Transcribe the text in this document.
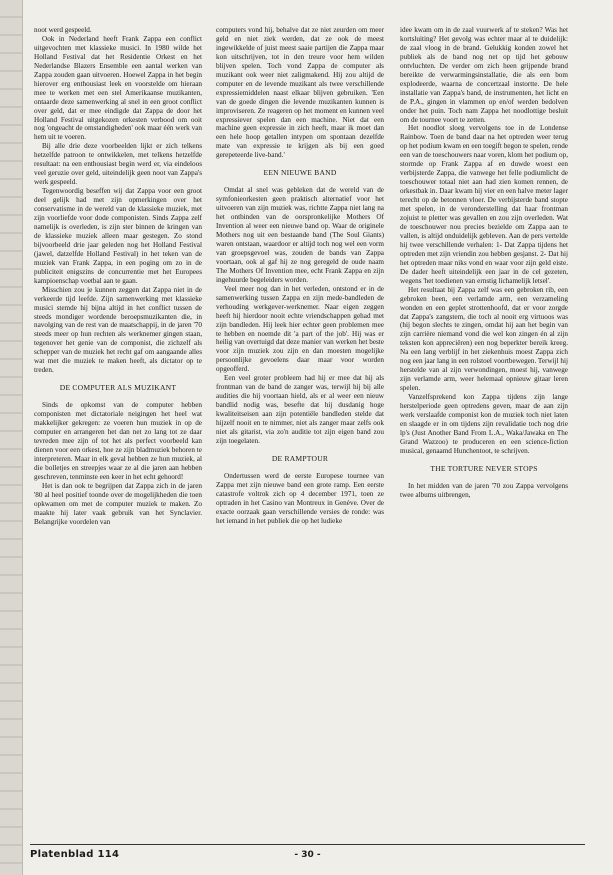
noot werd gespeeld.

Ook in Nederland heeft Frank Zappa een conflict uitgevochten met klassieke musici. In 1980 wilde het Holland Festival dat het Residentie Orkest en het Nederlandse Blazers Ensemble een aantal werken van Zappa zouden gaan uitvoeren. Hoewel Zappa in het begin hierover erg enthousiast leek en voorstelde om hieraan mee te werken met een stel Amerikaanse muzikanten, ontaarde deze samenwerking al snel in een groot conflict over geld, dat er mee eindigde dat Zappa de door het Holland Festival uitgekozen orkesten verbood om ooit nog 'ongeacht de omstandigheden' ook maar één werk van hem uit te voeren.

Bij alle drie deze voorbeelden lijkt er zich telkens hetzelfde patroon te ontwikkelen, met telkens hetzelfde resultaat: na een enthousiast begin werd er, via eindeloos veel geruzie over geld, uiteindelijk geen noot van Zappa's werk gespeeld.

Tegenwoordig beseffen wij dat Zappa voor een groot deel gelijk had met zijn opmerkingen over het conservatisme in de wereld van de klassieke muziek, met zijn voorliefde voor dode componisten. Sinds Zappa zelf namelijk is overleden, is zijn ster binnen de kringen van de klassieke muziek alleen maar gestegen. Zo stond bijvoorbeeld drie jaar geleden nog het Holland Festival (jawel, datzelfde Holland Festival) in het teken van de muziek van Frank Zappa, in een poging om zo in de publiciteit enigszins de concurrentie met het Europees kampioenschap voetbal aan te gaan.

Misschien zou je kunnen zeggen dat Zappa niet in de verkeerde tijd leefde. Zijn samenwerking met klassieke musici stemde hij bijna altijd in het conflict tussen de steeds mondiger wordende beroepsmuzikanten die, in navolging van de rest van de maatschappij, in de jaren '70 steeds meer op hun rechten als werknemer gingen staan, tegenover het genie van de componist, die zichzelf als schepper van de muziek het recht gaf om aangaande alles wat met die muziek te maken heeft, als dictator op te treden.

DE COMPUTER ALS MUZIKANT

Sinds de opkomst van de computer hebben componisten met dictatoriale neigingen het heel wat makkelijker gekregen: ze voeren hun muziek in op de computer en arrangeren het dan net zo lang tot ze daar tevreden mee zijn of tot het als perfect voorbeeld kan dienen voor een orkest, hoe ze zijn bladmuziek behoren te interpreteren. Maar in elk geval hebben ze hun muziek, al die bolletjes en streepjes waar ze al die jaren aan hebben geschreven, tenminste een keer in het echt gehoord!

Het is dan ook te begrijpen dat Zappa zich in de jaren '80 al heel positief toonde over de mogelijkheden die toen opkwamen om met de computer muziek te maken. Zo maakte hij later vaak gebruik van het Synclavier. Belangrijke voordelen van

computers vond hij, behalve dat ze niet zeurden om meer geld en niet ziek werden, dat ze ook de meest ingewikkelde of juist meest saaie partijen die Zappa maar kon uitschrijven, tot in den treure voor hem wilden blijven spelen. Toch vond Zappa de computer als muzikant ook weer niet zaligmakend. Hij zou altijd de computer en de levende muzikant als twee verschillende expressiemiddelen naast elkaar blijven gebruiken. 'Een van de goede dingen die levende muzikanten kunnen is improviseren. Ze reageren op het moment en kunnen veel expressiever spelen dan een machine. Niet dat een machine geen expressie in zich heeft, maar ik moet dan een hele hoop getallen intypen om spontaan dezelfde mate van expressie te krijgen als bij een goed gerepeteerde live-band.'

EEN NIEUWE BAND

Omdat al snel was gebleken dat de wereld van de symfonieorkesten geen praktisch alternatief voor het uitvoeren van zijn muziek was, richtte Zappa niet lang na het ontbinden van de oorspronkelijke Mothers Of Invention al weer een nieuwe band op. Waar de originele Mothers nog uit een bestaande band (The Soul Giants) waren ontstaan, waardoor er altijd toch nog wel een vorm van groepsgevoel was, zouden de bands van Zappa voortaan, ook al gaf hij ze nog geregeld de oude naam The Mothers Of Invention mee, echt Frank Zappa en zijn ingehuurde begeleiders worden.

Veel meer nog dan in het verleden, ontstond er in de samenwerking tussen Zappa en zijn mede-bandleden de verhouding werkgever-werknemer. Naar eigen zeggen heeft hij hierdoor nooit echte vriendschappen gehad met zijn bandleden. Hij leek hier echter geen problemen mee te hebben en noemde dit 'a part of the job'. Hij was er heilig van overtuigd dat deze manier van werken het beste voor zijn muziek zou zijn en dan moesten mogelijke persoonlijke gevoelens daar maar voor worden opgeofferd.

Een veel groter probleem had hij er mee dat hij als frontman van de band de zanger was, terwijl hij bij alle audities die hij voortaan hield, als er al weer een nieuw bandlid nodig was, besefte dat hij dusdanig hoge kwaliteitseisen aan zijn potentiële bandleden stelde dat hijzelf nooit en te nimmer, niet als zanger maar zelfs ook niet als gitarist, via zo'n auditie tot zijn eigen band zou zijn toegelaten.

DE RAMPTOUR

Ondertussen werd de eerste Europese tournee van Zappa met zijn nieuwe band een grote ramp. Een eerste catastrofe voltrok zich op 4 december 1971, toen ze optraden in het Casino van Montreux in Genève. Over de exacte oorzaak gaan verschillende versies de ronde: was het iemand in het publiek die op het ludieke

idee kwam om in de zaal vuurwerk af te steken? Was het kortsluiting? Het gevolg was echter maar al te duidelijk: de zaal vloog in de brand. Gelukkig konden zowel het publiek als de band nog net op tijd het gebouw ontvluchten. De verder om zich heen grijpende brand bereikte de verwarmingsinstallatie, die als een bom explodeerde, waarna de concertzaal instortte. De hele installatie van Zappa's band, de instrumenten, het licht en de P.A., gingen in vlammen op en/of werden bedolven onder het puin. Toch nam Zappa het noodlottige besluit om de tournee voort te zetten.

Het noodlot sloeg vervolgens toe in de Londense Rainbow. Toen de band daar na het optreden weer terug op het podium kwam en een toegift begon te spelen, rende een van de toeschouwers naar voren, klom het podium op, stormde op Frank Zappa af en duwde woest een verbijsterde Zappa, die vanwege het felle podiumlicht de toeschouwer totaal niet aan had zien komen rennen, de orkestbak in. Daar kwam hij vier en een halve meter lager terecht op de betonnen vloer. De verbijsterde band stopte met spelen, in de veronderstelling dat haar frontman zojuist te pletter was gevallen en zou zijn overleden. Wat de toeschouwer nou precies bezielde om Zappa aan te vallen, is altijd onduidelijk gebleven. Aan de pers vertelde hij twee verschillende verhalen: 1- Dat Zappa tijdens het optreden met zijn vriendin zou hebben gesjanst. 2- Dat hij het optreden maar niks vond en waar voor zijn geld eiste. De dader heeft uiteindelijk een jaar in de cel gezeten, wegens 'het toedienen van ernstig lichamelijk letsel'.

Het resultaat bij Zappa zelf was een gebroken rib, een gebroken been, een verlamde arm, een verzameling wonden en een geplet strottenhoofd, dat er voor zorgde dat Zappa's zangstem, die toch al nooit erg virtuoos was (hij begon slechts te zingen, omdat hij aan het begin van zijn carrière niemand vond die wel kon zingen én al zijn teksten kon appreciëren) een nog beperkter bereik kreeg. Na een lang verblijf in het ziekenhuis moest Zappa zich nog een jaar lang in een rolstoel voortbewegen. Terwijl hij herstelde van al zijn verwondingen, moest hij, vanwege zijn verlamde arm, weer helemaal opnieuw gitaar leren spelen.

Vanzelfsprekend kon Zappa tijdens zijn lange herstelperiode geen optredens geven, maar de aan zijn werk verslaafde componist kon de muziek toch niet laten en slaagde er in om tijdens zijn revalidatie toch nog drie lp's (Just Another Band From L.A., Waka/Jawaka en The Grand Wazzoo) te produceren en een science-fiction musical, genaamd Hunchentoot, te schrijven.

THE TORTURE NEVER STOPS

In het midden van de jaren '70 zou Zappa vervolgens twee albums uitbrengen,

Platenblad 114	- 30 -
